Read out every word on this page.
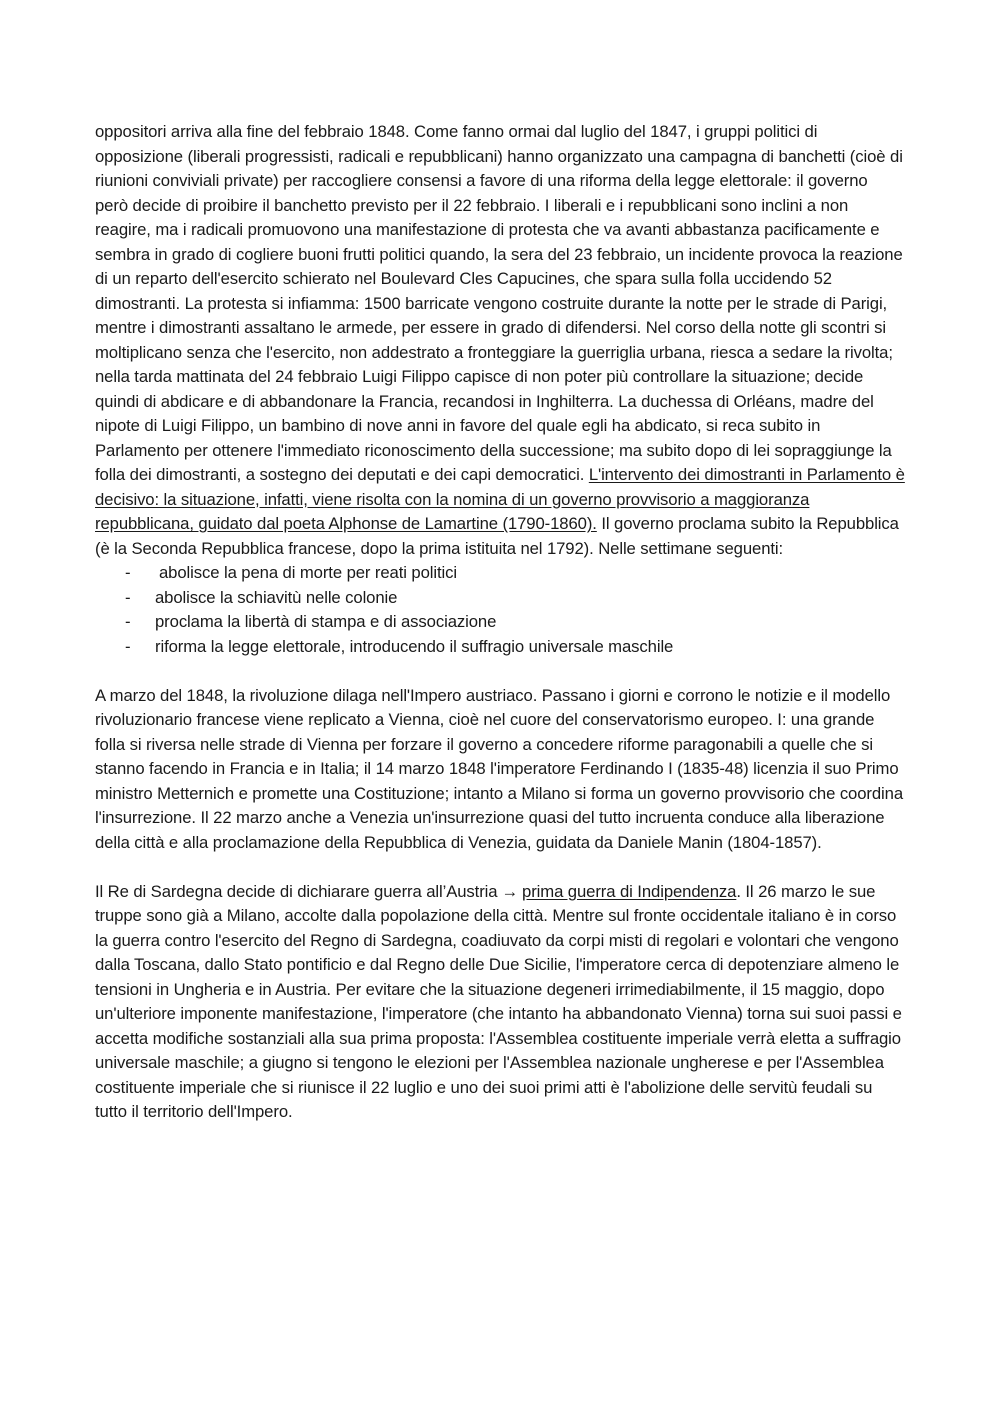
oppositori arriva alla fine del febbraio 1848. Come fanno ormai dal luglio del 1847, i gruppi politici di opposizione (liberali progressisti, radicali e repubblicani) hanno organizzato una campagna di banchetti (cioè di riunioni conviviali private) per raccogliere consensi a favore di una riforma della legge elettorale: il governo però decide di proibire il banchetto previsto per il 22 febbraio. I liberali e i repubblicani sono inclini a non reagire, ma i radicali promuovono una manifestazione di protesta che va avanti abbastanza pacificamente e sembra in grado di cogliere buoni frutti politici quando, la sera del 23 febbraio, un incidente provoca la reazione di un reparto dell'esercito schierato nel Boulevard Cles Capucines, che spara sulla folla uccidendo 52 dimostranti. La protesta si infiamma: 1500 barricate vengono costruite durante la notte per le strade di Parigi, mentre i dimostranti assaltano le armede, per essere in grado di difendersi. Nel corso della notte gli scontri si moltiplicano senza che l'esercito, non addestrato a fronteggiare la guerriglia urbana, riesca a sedare la rivolta; nella tarda mattinata del 24 febbraio Luigi Filippo capisce di non poter più controllare la situazione; decide quindi di abdicare e di abbandonare la Francia, recandosi in Inghilterra. La duchessa di Orléans, madre del nipote di Luigi Filippo, un bambino di nove anni in favore del quale egli ha abdicato, si reca subito in Parlamento per ottenere l'immediato riconoscimento della successione; ma subito dopo di lei sopraggiunge la folla dei dimostranti, a sostegno dei deputati e dei capi democratici. L'intervento dei dimostranti in Parlamento è decisivo: la situazione, infatti, viene risolta con la nomina di un governo provvisorio a maggioranza repubblicana, guidato dal poeta Alphonse de Lamartine (1790-1860). Il governo proclama subito la Repubblica (è la Seconda Repubblica francese, dopo la prima istituita nel 1792). Nelle settimane seguenti:

- abolisce la pena di morte per reati politici
- abolisce la schiavitù nelle colonie
- proclama la libertà di stampa e di associazione
- riforma la legge elettorale, introducendo il suffragio universale maschile

A marzo del 1848, la rivoluzione dilaga nell'Impero austriaco. Passano i giorni e corrono le notizie e il modello rivoluzionario francese viene replicato a Vienna, cioè nel cuore del conservatorismo europeo. I: una grande folla si riversa nelle strade di Vienna per forzare il governo a concedere riforme paragonabili a quelle che si stanno facendo in Francia e in Italia; il 14 marzo 1848 l'imperatore Ferdinando I (1835-48) licenzia il suo Primo ministro Metternich e promette una Costituzione; intanto a Milano si forma un governo provvisorio che coordina l'insurrezione. Il 22 marzo anche a Venezia un'insurrezione quasi del tutto incruenta conduce alla liberazione della città e alla proclamazione della Repubblica di Venezia, guidata da Daniele Manin (1804-1857).

Il Re di Sardegna decide di dichiarare guerra all’Austria → prima guerra di Indipendenza. Il 26 marzo le sue truppe sono già a Milano, accolte dalla popolazione della città. Mentre sul fronte occidentale italiano è in corso la guerra contro l'esercito del Regno di Sardegna, coadiuvato da corpi misti di regolari e volontari che vengono dalla Toscana, dallo Stato pontificio e dal Regno delle Due Sicilie, l'imperatore cerca di depotenziare almeno le tensioni in Ungheria e in Austria. Per evitare che la situazione degeneri irrimediabilmente, il 15 maggio, dopo un'ulteriore imponente manifestazione, l'imperatore (che intanto ha abbandonato Vienna) torna sui suoi passi e accetta modifiche sostanziali alla sua prima proposta: l'Assemblea costituente imperiale verrà eletta a suffragio universale maschile; a giugno si tengono le elezioni per l'Assemblea nazionale ungherese e per l'Assemblea costituente imperiale che si riunisce il 22 luglio e uno dei suoi primi atti è l'abolizione delle servitù feudali su tutto il territorio dell'Impero.
